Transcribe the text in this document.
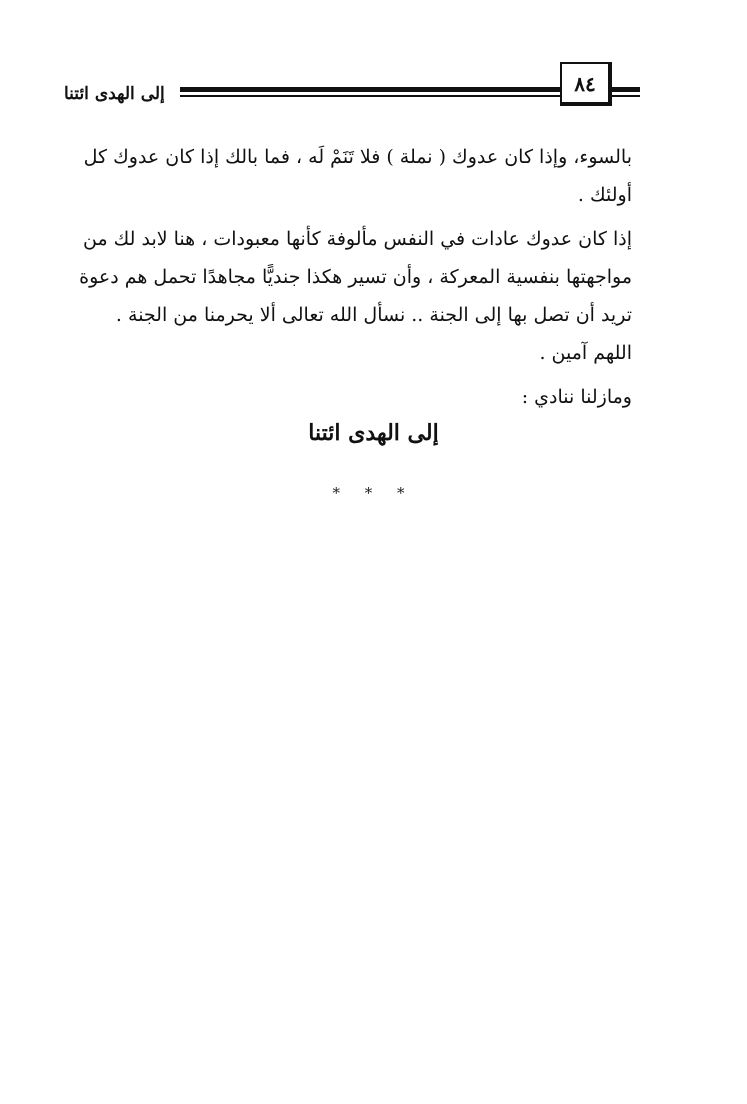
إلى الهدى ائتنا	٨٤

بالسوء، وإذا كان عدوك ( نملة ) فلا تَنَمْ لَه ، فما بالك إذا كان عدوك كل أولئك .

إذا كان عدوك عادات في النفس مألوفة كأنها معبودات ، هنا لابد لك من مواجهتها بنفسية المعركة ، وأن تسير هكذا جنديًّا مجاهدًا تحمل هم دعوة تريد أن تصل بها إلى الجنة .. نسأل الله تعالى ألا يحرمنا من الجنة . اللهم آمين .

ومازلنا ننادي :

إلى الهدى ائتنا
* * *
